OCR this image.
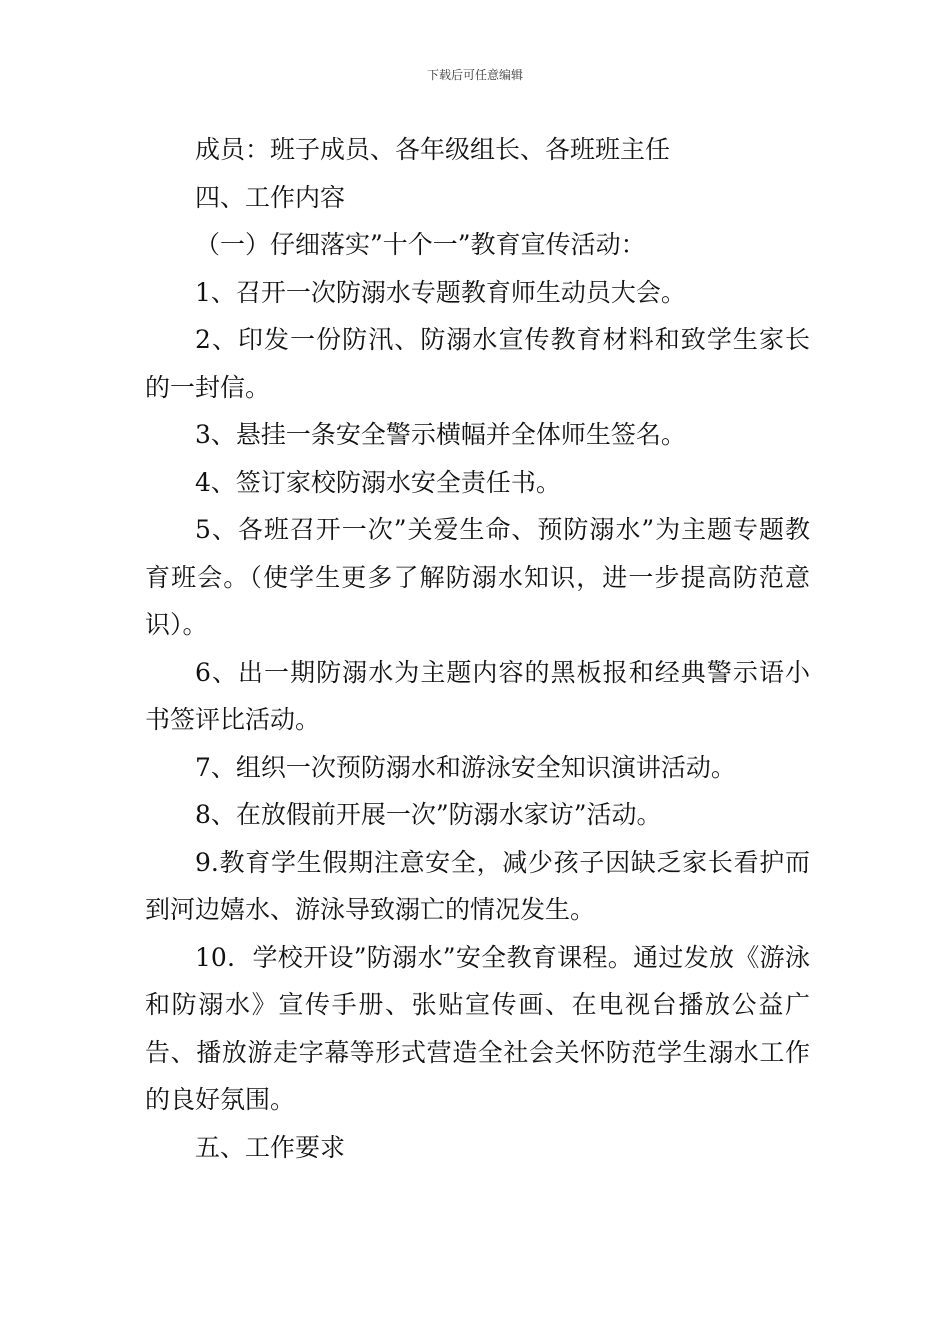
下载后可任意编辑

成员：班子成员、各年级组长、各班班主任

四、工作内容

（一）仔细落实”十个一”教育宣传活动：

1、召开一次防溺水专题教育师生动员大会。

2、印发一份防汛、防溺水宣传教育材料和致学生家长的一封信。

3、悬挂一条安全警示横幅并全体师生签名。

4、签订家校防溺水安全责任书。

5、各班召开一次”关爱生命、预防溺水”为主题专题教育班会。（使学生更多了解防溺水知识，进一步提高防范意识）。

6、出一期防溺水为主题内容的黑板报和经典警示语小书签评比活动。

7、组织一次预防溺水和游泳安全知识演讲活动。

8、在放假前开展一次”防溺水家访”活动。

9.教育学生假期注意安全，减少孩子因缺乏家长看护而到河边嬉水、游泳导致溺亡的情况发生。

10．学校开设”防溺水”安全教育课程。通过发放《游泳和防溺水》宣传手册、张贴宣传画、在电视台播放公益广告、播放游走字幕等形式营造全社会关怀防范学生溺水工作的良好氛围。

五、工作要求
